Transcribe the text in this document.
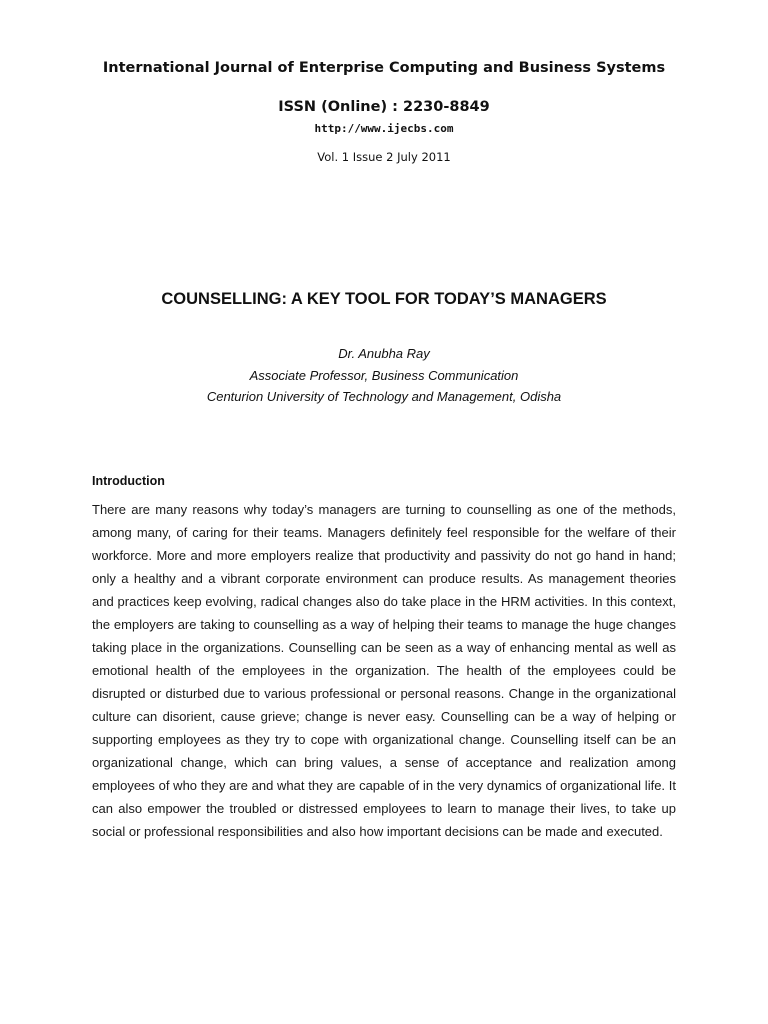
International Journal of Enterprise Computing and Business Systems

ISSN (Online) : 2230-8849

http://www.ijecbs.com

Vol. 1 Issue 2 July 2011

COUNSELLING: A KEY TOOL FOR TODAY’S MANAGERS
Dr. Anubha Ray
Associate Professor, Business Communication
Centurion University of Technology and Management, Odisha
Introduction

There are many reasons why today’s managers are turning to counselling as one of the methods, among many, of caring for their teams. Managers definitely feel responsible for the welfare of their workforce. More and more employers realize that productivity and passivity do not go hand in hand; only a healthy and a vibrant corporate environment can produce results. As management theories and practices keep evolving, radical changes also do take place in the HRM activities. In this context, the employers are taking to counselling as a way of helping their teams to manage the huge changes taking place in the organizations. Counselling can be seen as a way of enhancing mental as well as emotional health of the employees in the organization. The health of the employees could be disrupted or disturbed due to various professional or personal reasons. Change in the organizational culture can disorient, cause grieve; change is never easy. Counselling can be a way of helping or supporting employees as they try to cope with organizational change. Counselling itself can be an organizational change, which can bring values, a sense of acceptance and realization among employees of who they are and what they are capable of in the very dynamics of organizational life. It can also empower the troubled or distressed employees to learn to manage their lives, to take up social or professional responsibilities and also how important decisions can be made and executed.
